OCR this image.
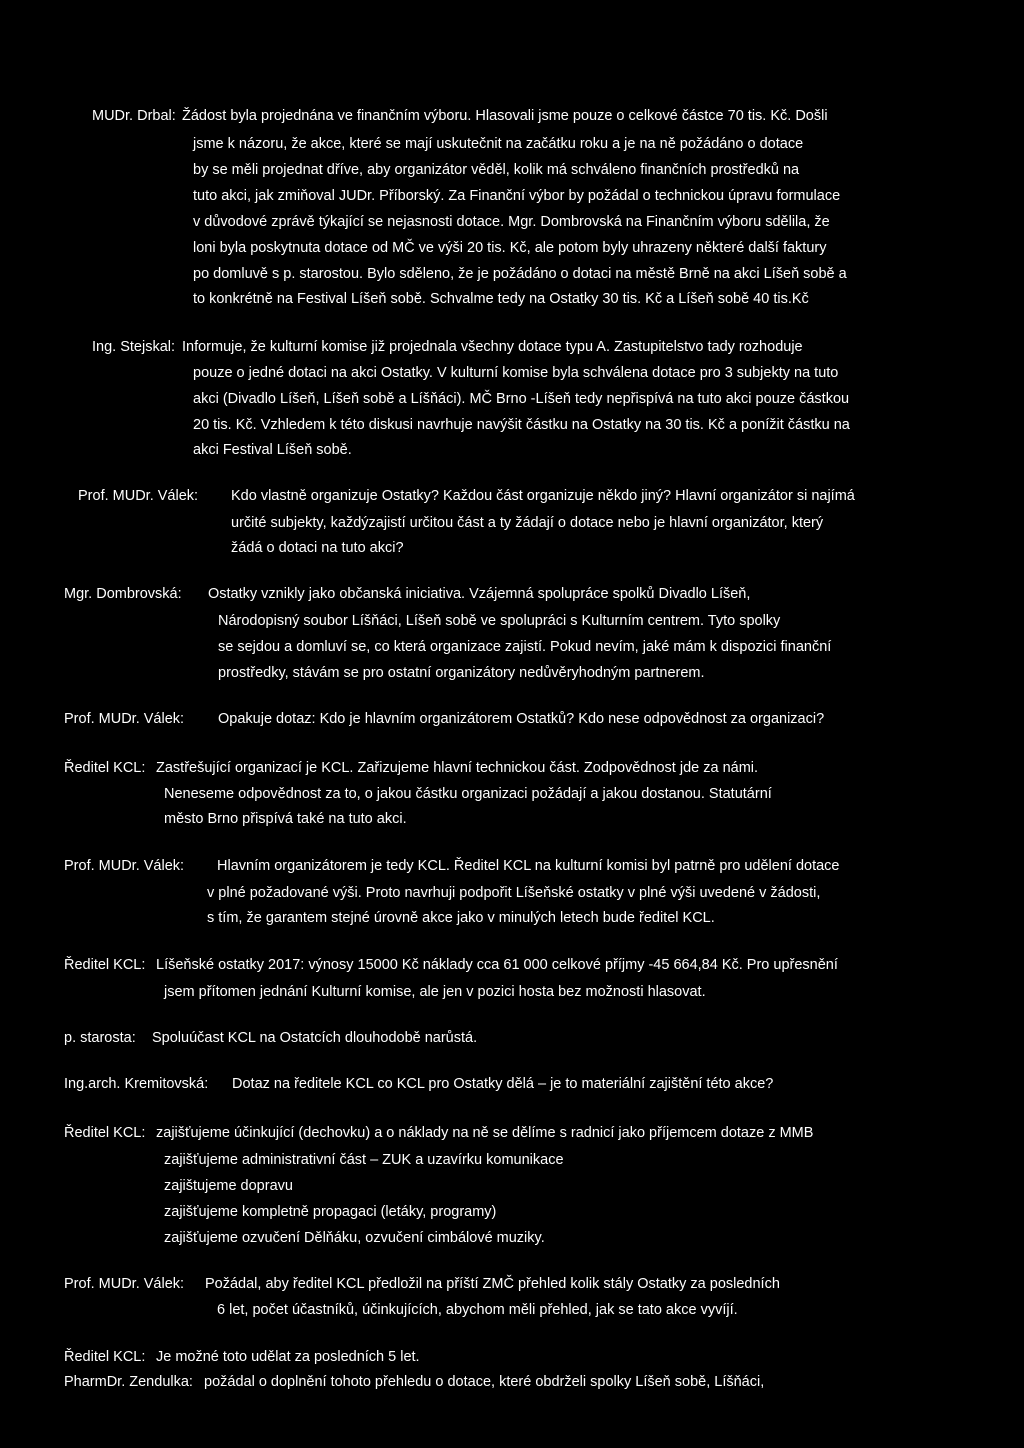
MUDr. Drbal: Žádost byla projednána ve finančním výboru. Hlasovali jsme pouze o celkové částce 70 tis. Kč. Došli
jsme k názoru, že akce, které se mají uskutečnit na začátku roku a je na ně požádáno o dotace
by se měli projednat dříve, aby organizátor věděl, kolik má schváleno finančních prostředků na
tuto akci, jak zmiňoval JUDr. Příborský. Za Finanční výbor by požádal o technickou úpravu formulace
v důvodové zprávě týkající se nejasnosti dotace. Mgr. Dombrovská na Finančním výboru sdělila, že
loni byla poskytnuta dotace od MČ ve výši 20 tis. Kč, ale potom byly uhrazeny některé další faktury
po domluvě s p. starostou. Bylo sděleno, že je požádáno o dotaci na městě Brně na akci Líšeň sobě a
to konkrétně na Festival Líšeň sobě. Schvalme tedy na Ostatky 30 tis. Kč a Líšeň sobě 40 tis.Kč
Ing. Stejskal: Informuje, že kulturní komise již projednala všechny dotace typu A. Zastupitelstvo tady rozhoduje
pouze o jedné dotaci na akci Ostatky. V kulturní komise byla schválena dotace pro 3 subjekty na tuto
akci (Divadlo Líšeň, Líšeň sobě a Líšňáci). MČ Brno -Líšeň tedy nepřispívá na tuto akci pouze částkou
20 tis. Kč. Vzhledem k této diskusi navrhuje navýšit částku na Ostatky na 30 tis. Kč a ponížit částku na
akci Festival Líšeň sobě.
Prof. MUDr. Válek: Kdo vlastně organizuje Ostatky? Každou část organizuje někdo jiný? Hlavní organizátor si najímá
určité subjekty, každýzajistí určitou část a ty žádají o dotace nebo je hlavní organizátor, který
žádá o dotaci na tuto akci?
Mgr. Dombrovská: Ostatky vznikly jako občanská iniciativa. Vzájemná spolupráce spolků Divadlo Líšeň,
Národopisný soubor Líšňáci, Líšeň sobě ve spolupráci s Kulturním centrem. Tyto spolky
se sejdou a domluví se, co která organizace zajistí. Pokud nevím, jaké mám k dispozici finanční
prostředky, stávám se pro ostatní organizátory nedůvěryhodným partnerem.
Prof. MUDr. Válek: Opakuje dotaz: Kdo je hlavním organizátorem Ostatků? Kdo nese odpovědnost za organizaci?
Ředitel KCL: Zastřešující organizací je KCL. Zařizujeme hlavní technickou část. Zodpovědnost jde za námi.
Neneseme odpovědnost za to, o jakou částku organizaci požádají a jakou dostanou. Statutární
město Brno přispívá také na tuto akci.
Prof. MUDr. Válek: Hlavním organizátorem je tedy KCL. Ředitel KCL na kulturní komisi byl patrně pro udělení dotace
v plné požadované výši. Proto navrhuji podpořit Líšeňské ostatky v plné výši uvedené v žádosti,
s tím, že garantem stejné úrovně akce jako v minulých letech bude ředitel KCL.
Ředitel KCL: Líšeňské ostatky 2017: výnosy 15000 Kč náklady cca 61 000 celkové příjmy -45 664,84 Kč. Pro upřesnění
jsem přítomen jednání Kulturní komise, ale jen v pozici hosta bez možnosti hlasovat.
p. starosta: Spoluúčast KCL na Ostatcích dlouhodobě narůstá.
Ing.arch. Kremitovská: Dotaz na ředitele KCL co KCL pro Ostatky dělá – je to materiální zajištění této akce?
Ředitel KCL: zajišťujeme účinkující (dechovku) a o náklady na ně se dělíme s radnicí jako příjemcem dotaze z MMB
zajišťujeme administrativní část – ZUK a uzavírku komunikace
zajištujeme dopravu
zajišťujeme kompletně propagaci (letáky, programy)
zajišťujeme ozvučení Dělňáku, ozvučení cimbálové muziky.
Prof. MUDr. Válek: Požádal, aby ředitel KCL předložil na příští ZMČ přehled kolik stály Ostatky za posledních
6 let, počet účastníků, účinkujících, abychom měli přehled, jak se tato akce vyvíjí.
Ředitel KCL: Je možné toto udělat za posledních 5 let.
PharmDr. Zendulka: požádal o doplnění tohoto přehledu o dotace, které obdrželi spolky Líšeň sobě, Líšňáci,
